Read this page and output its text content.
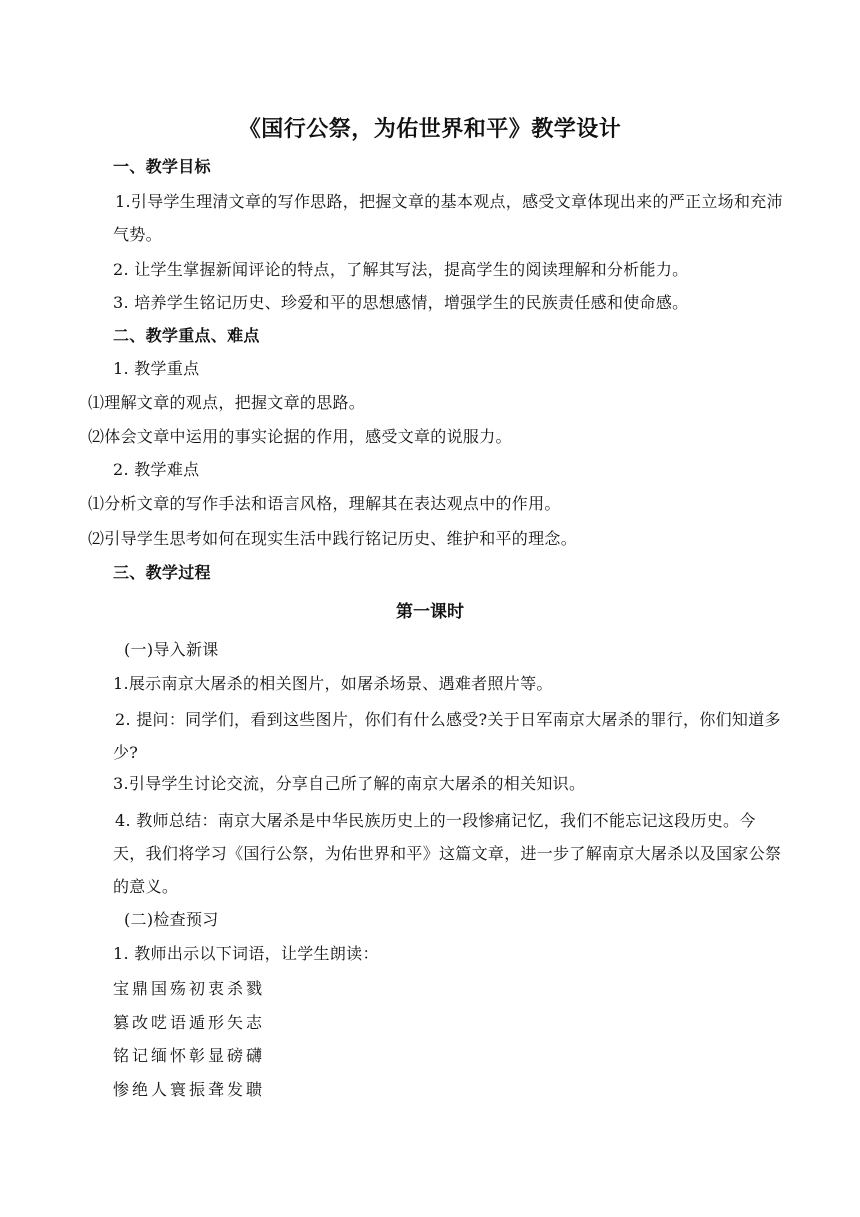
《国行公祭，为佑世界和平》教学设计
一、教学目标
1.引导学生理清文章的写作思路，把握文章的基本观点，感受文章体现出来的严正立场和充沛气势。
2. 让学生掌握新闻评论的特点，了解其写法，提高学生的阅读理解和分析能力。
3. 培养学生铭记历史、珍爱和平的思想感情，增强学生的民族责任感和使命感。
二、教学重点、难点
1. 教学重点
⑴理解文章的观点，把握文章的思路。
⑵体会文章中运用的事实论据的作用，感受文章的说服力。
2. 教学难点
⑴分析文章的写作手法和语言风格，理解其在表达观点中的作用。
⑵引导学生思考如何在现实生活中践行铭记历史、维护和平的理念。
三、教学过程
第一课时
(一)导入新课
1.展示南京大屠杀的相关图片，如屠杀场景、遇难者照片等。
2. 提问：同学们，看到这些图片，你们有什么感受?关于日军南京大屠杀的罪行，你们知道多少?
3.引导学生讨论交流，分享自己所了解的南京大屠杀的相关知识。
4. 教师总结：南京大屠杀是中华民族历史上的一段惨痛记忆，我们不能忘记这段历史。今天，我们将学习《国行公祭，为佑世界和平》这篇文章，进一步了解南京大屠杀以及国家公祭的意义。
(二)检查预习
1. 教师出示以下词语，让学生朗读：
宝鼎国殇初衷杀戮
篡改呓语遁形矢志
铭记缅怀彰显磅礴
惨绝人寰振聋发聩
